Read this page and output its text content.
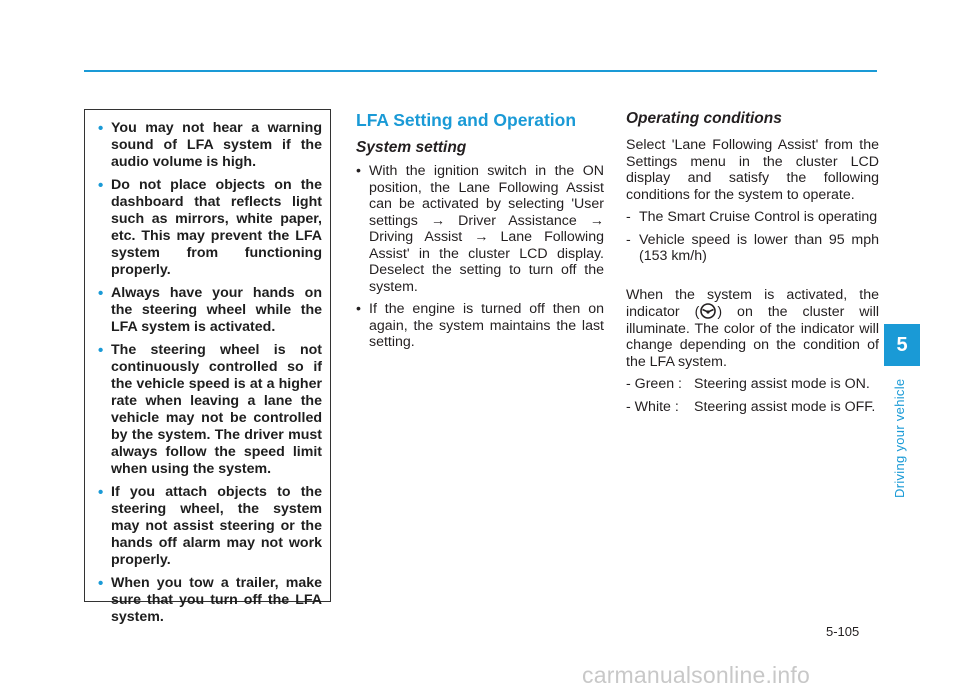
• You may not hear a warning sound of LFA system if the audio volume is high.
• Do not place objects on the dashboard that reflects light such as mirrors, white paper, etc. This may prevent the LFA system from functioning properly.
• Always have your hands on the steering wheel while the LFA system is activated.
• The steering wheel is not continuously controlled so if the vehicle speed is at a higher rate when leaving a lane the vehicle may not be controlled by the system. The driver must always follow the speed limit when using the system.
• If you attach objects to the steering wheel, the system may not assist steering or the hands off alarm may not work properly.
• When you tow a trailer, make sure that you turn off the LFA system.
LFA Setting and Operation
System setting
• With the ignition switch in the ON position, the Lane Following Assist can be activated by selecting 'User settings → Driver Assistance → Driving Assist → Lane Following Assist' in the cluster LCD display. Deselect the setting to turn off the system.
• If the engine is turned off then on again, the system maintains the last setting.
Operating conditions

Select 'Lane Following Assist' from the Settings menu in the cluster LCD display and satisfy the following conditions for the system to operate.

- The Smart Cruise Control is operating
- Vehicle speed is lower than 95 mph (153 km/h)

When the system is activated, the indicator ( ) on the cluster will illuminate. The color of the indicator will change depending on the condition of the LFA system.

- Green : Steering assist mode is ON.
- White : Steering assist mode is OFF.
5
Driving your vehicle
5-105
carmanualsonline.info
